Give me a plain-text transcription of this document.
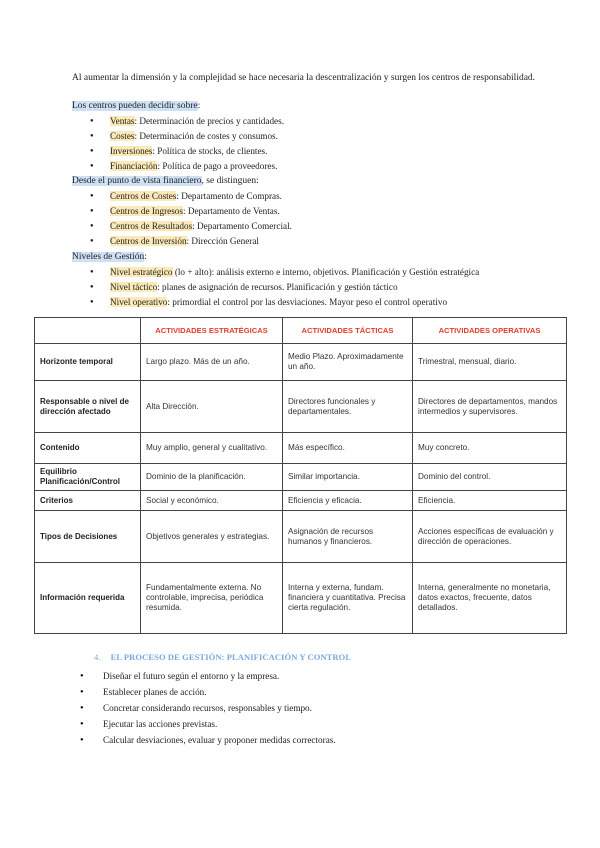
Al aumentar la dimensión y la complejidad se hace necesaria la descentralización y surgen los centros de responsabilidad.
Los centros pueden decidir sobre:
● Ventas: Determinación de precios y cantidades.
● Costes: Determinación de costes y consumos.
● Inversiones: Política de stocks, de clientes.
● Financiación: Política de pago a proveedores.
Desde el punto de vista financiero, se distinguen:
● Centros de Costes: Departamento de Compras.
● Centros de Ingresos: Departamento de Ventas.
● Centros de Resultados: Departamento Comercial.
● Centros de Inversión: Dirección General
Niveles de Gestión:
● Nivel estratégico (lo + alto): análisis externo e interno, objetivos. Planificación y Gestión estratégica
● Nivel táctico: planes de asignación de recursos. Planificación y gestión táctico
● Nivel operativo: primordial el control por las desviaciones. Mayor peso el control operativo
	ACTIVIDADES ESTRATÉGICAS	ACTIVIDADES TÁCTICAS	ACTIVIDADES OPERATIVAS
Horizonte temporal	Largo plazo. Más de un año.	Medio Plazo. Aproximadamente un año.	Trimestral, mensual, diario.
Responsable o nivel de dirección afectado	Alta Dirección.	Directores funcionales y departamentales.	Directores de departamentos, mandos intermedios y supervisores.
Contenido	Muy amplio, general y cualitativo.	Más específico.	Muy concreto.
Equilibrio Planificación/Control	Dominio de la planificación.	Similar importancia.	Dominio del control.
Criterios	Social y económico.	Eficiencia y eficacia.	Eficiencia.
Tipos de Decisiones	Objetivos generales y estrategias.	Asignación de recursos humanos y financieros.	Acciones específicas de evaluación y dirección de operaciones.
Información requerida	Fundamentalmente externa. No controlable, imprecisa, periódica resumida.	Interna y externa, fundam. financiera y cuantitativa. Precisa cierta regulación.	Interna, generalmente no monetaria, datos exactos, frecuente, datos detallados.
4. EL PROCESO DE GESTIÓN: PLANIFICACIÓN Y CONTROL
● Diseñar el futuro según el entorno y la empresa.
● Establecer planes de acción.
● Concretar considerando recursos, responsables y tiempo.
● Ejecutar las acciones previstas.
● Calcular desviaciones, evaluar y proponer medidas correctoras.
